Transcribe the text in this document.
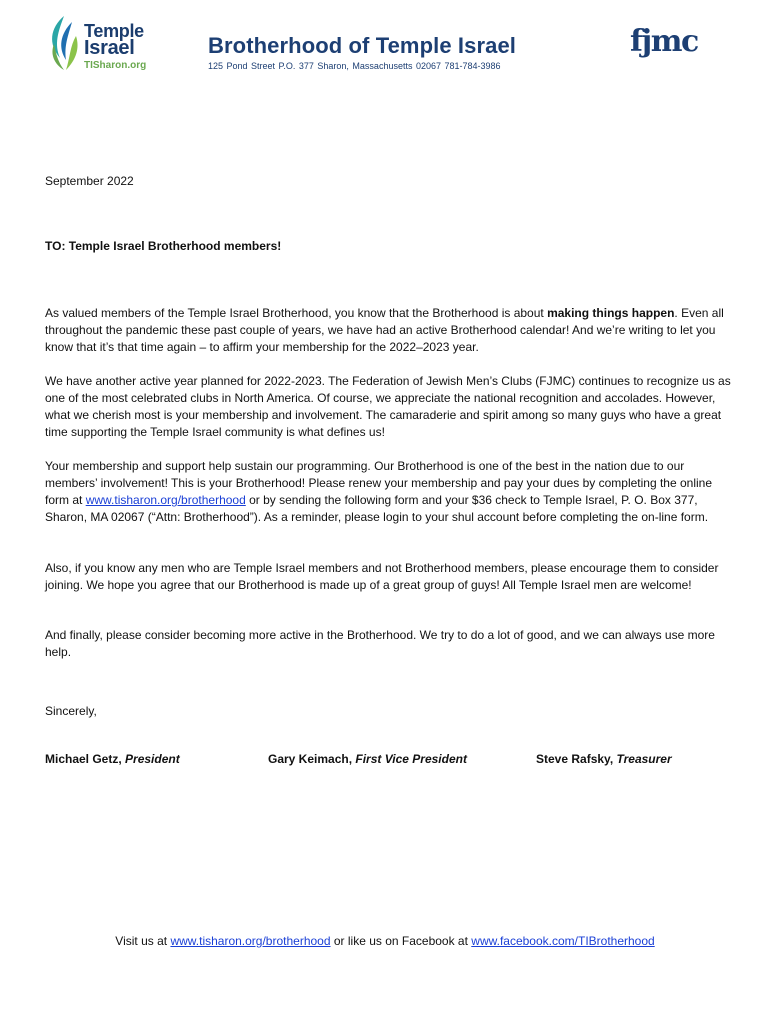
Temple
Israel
TISharon.org
Brotherhood of Temple Israel
125 Pond Street P.O. 377 Sharon, Massachusetts 02067 781-784-3986
fjmc
September 2022
TO: Temple Israel Brotherhood members!
As valued members of the Temple Israel Brotherhood, you know that the Brotherhood is about making things happen. Even all throughout the pandemic these past couple of years, we have had an active Brotherhood calendar! And we’re writing to let you know that it’s that time again – to affirm your membership for the 2022–2023 year.
We have another active year planned for 2022-2023. The Federation of Jewish Men’s Clubs (FJMC) continues to recognize us as one of the most celebrated clubs in North America. Of course, we appreciate the national recognition and accolades. However, what we cherish most is your membership and involvement. The camaraderie and spirit among so many guys who have a great time supporting the Temple Israel community is what defines us!
Your membership and support help sustain our programming. Our Brotherhood is one of the best in the nation due to our members’ involvement! This is your Brotherhood! Please renew your membership and pay your dues by completing the online form at www.tisharon.org/brotherhood or by sending the following form and your $36 check to Temple Israel, P. O. Box 377, Sharon, MA 02067 (“Attn: Brotherhood”). As a reminder, please login to your shul account before completing the on-line form.
Also, if you know any men who are Temple Israel members and not Brotherhood members, please encourage them to consider joining. We hope you agree that our Brotherhood is made up of a great group of guys! All Temple Israel men are welcome!
And finally, please consider becoming more active in the Brotherhood. We try to do a lot of good, and we can always use more help.
Sincerely,
Michael Getz, President	Gary Keimach, First Vice President	Steve Rafsky, Treasurer
Visit us at www.tisharon.org/brotherhood or like us on Facebook at www.facebook.com/TIBrotherhood
